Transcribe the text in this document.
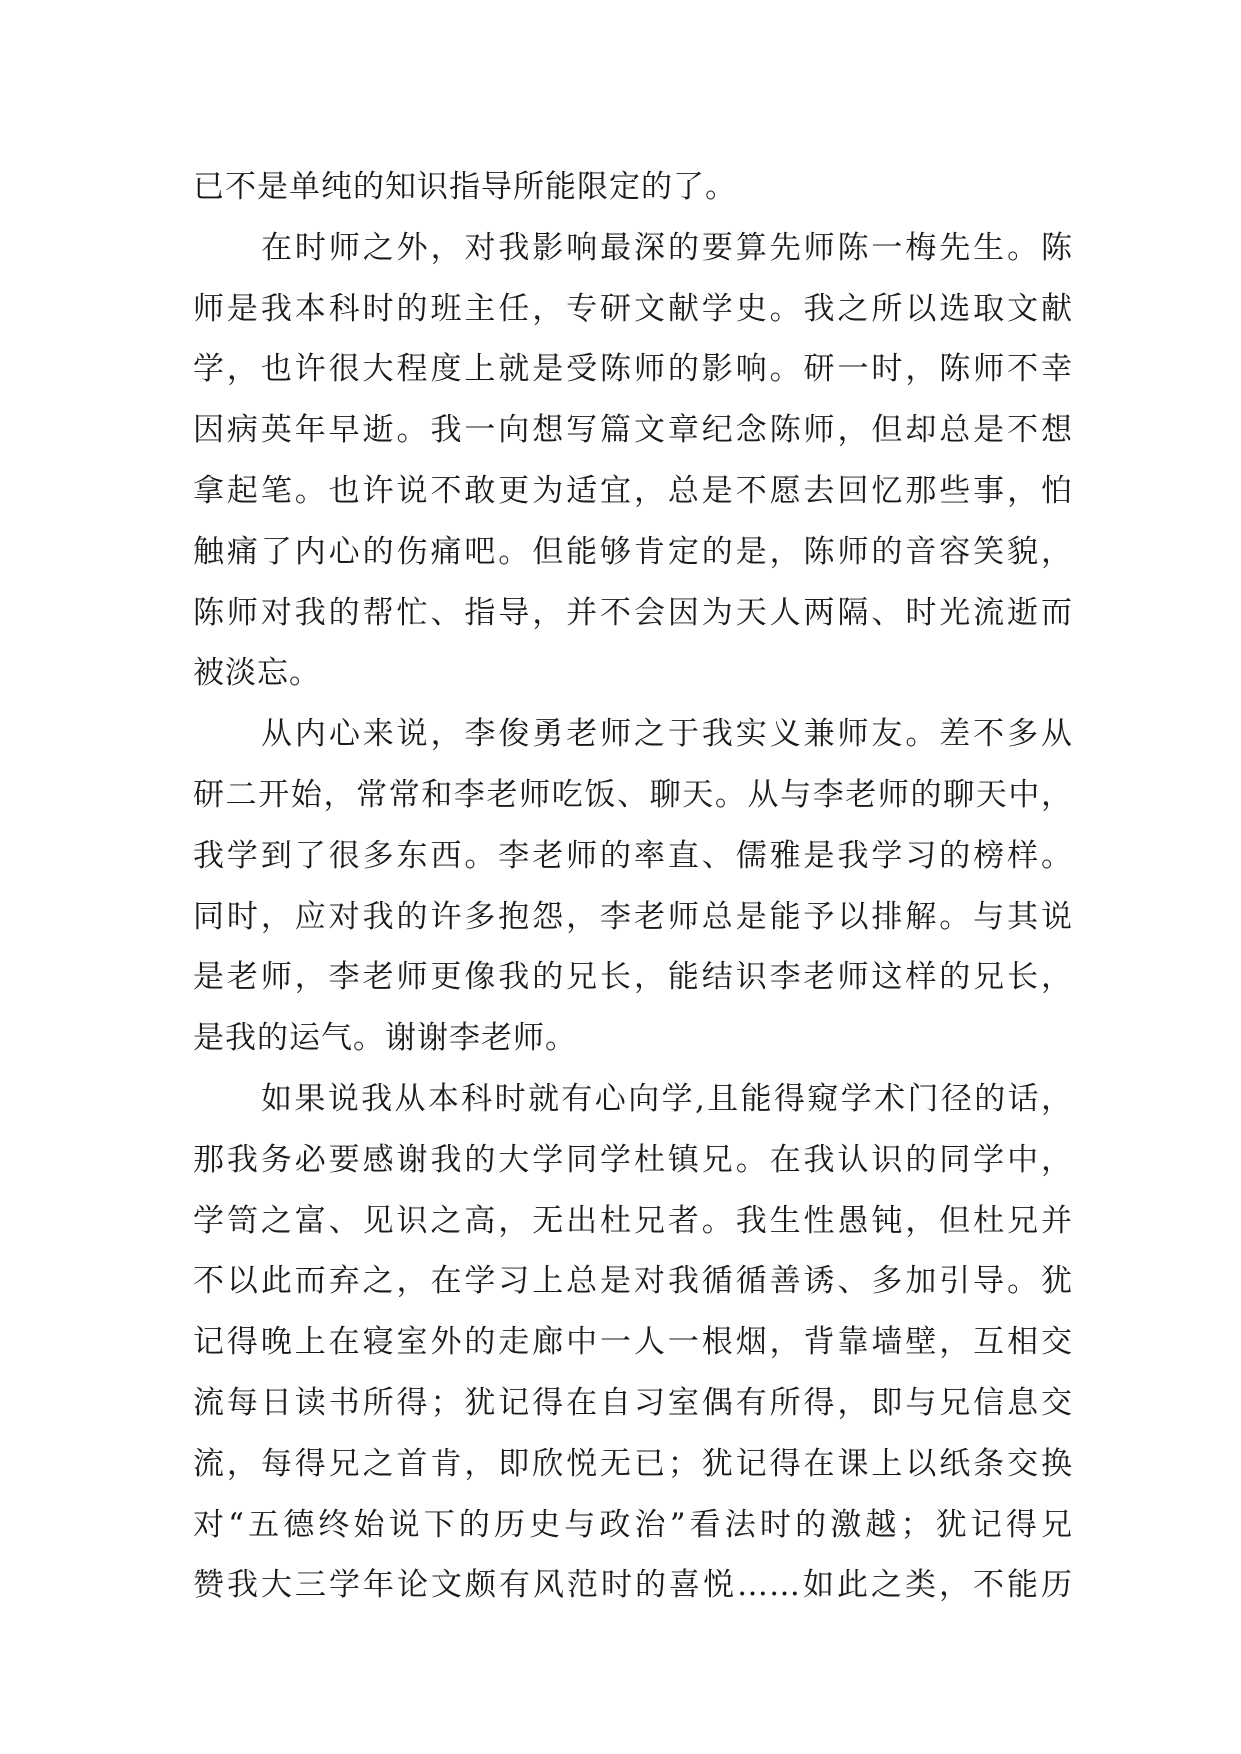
已不是单纯的知识指导所能限定的了。
在时师之外，对我影响最深的要算先师陈一梅先生。陈
师是我本科时的班主任，专研文献学史。我之所以选取文献
学，也许很大程度上就是受陈师的影响。研一时，陈师不幸
因病英年早逝。我一向想写篇文章纪念陈师，但却总是不想
拿起笔。也许说不敢更为适宜，总是不愿去回忆那些事，怕
触痛了内心的伤痛吧。但能够肯定的是，陈师的音容笑貌，
陈师对我的帮忙、指导，并不会因为天人两隔、时光流逝而
被淡忘。
从内心来说，李俊勇老师之于我实义兼师友。差不多从
研二开始，常常和李老师吃饭、聊天。从与李老师的聊天中，
我学到了很多东西。李老师的率直、儒雅是我学习的榜样。
同时，应对我的许多抱怨，李老师总是能予以排解。与其说
是老师，李老师更像我的兄长，能结识李老师这样的兄长，
是我的运气。谢谢李老师。
如果说我从本科时就有心向学,且能得窥学术门径的话，
那我务必要感谢我的大学同学杜镇兄。在我认识的同学中，
学笥之富、见识之高，无出杜兄者。我生性愚钝，但杜兄并
不以此而弃之，在学习上总是对我循循善诱、多加引导。犹
记得晚上在寝室外的走廊中一人一根烟，背靠墙壁，互相交
流每日读书所得；犹记得在自习室偶有所得，即与兄信息交
流，每得兄之首肯，即欣悦无已；犹记得在课上以纸条交换
对“五德终始说下的历史与政治”看法时的激越；犹记得兄
赞我大三学年论文颇有风范时的喜悦……如此之类，不能历
